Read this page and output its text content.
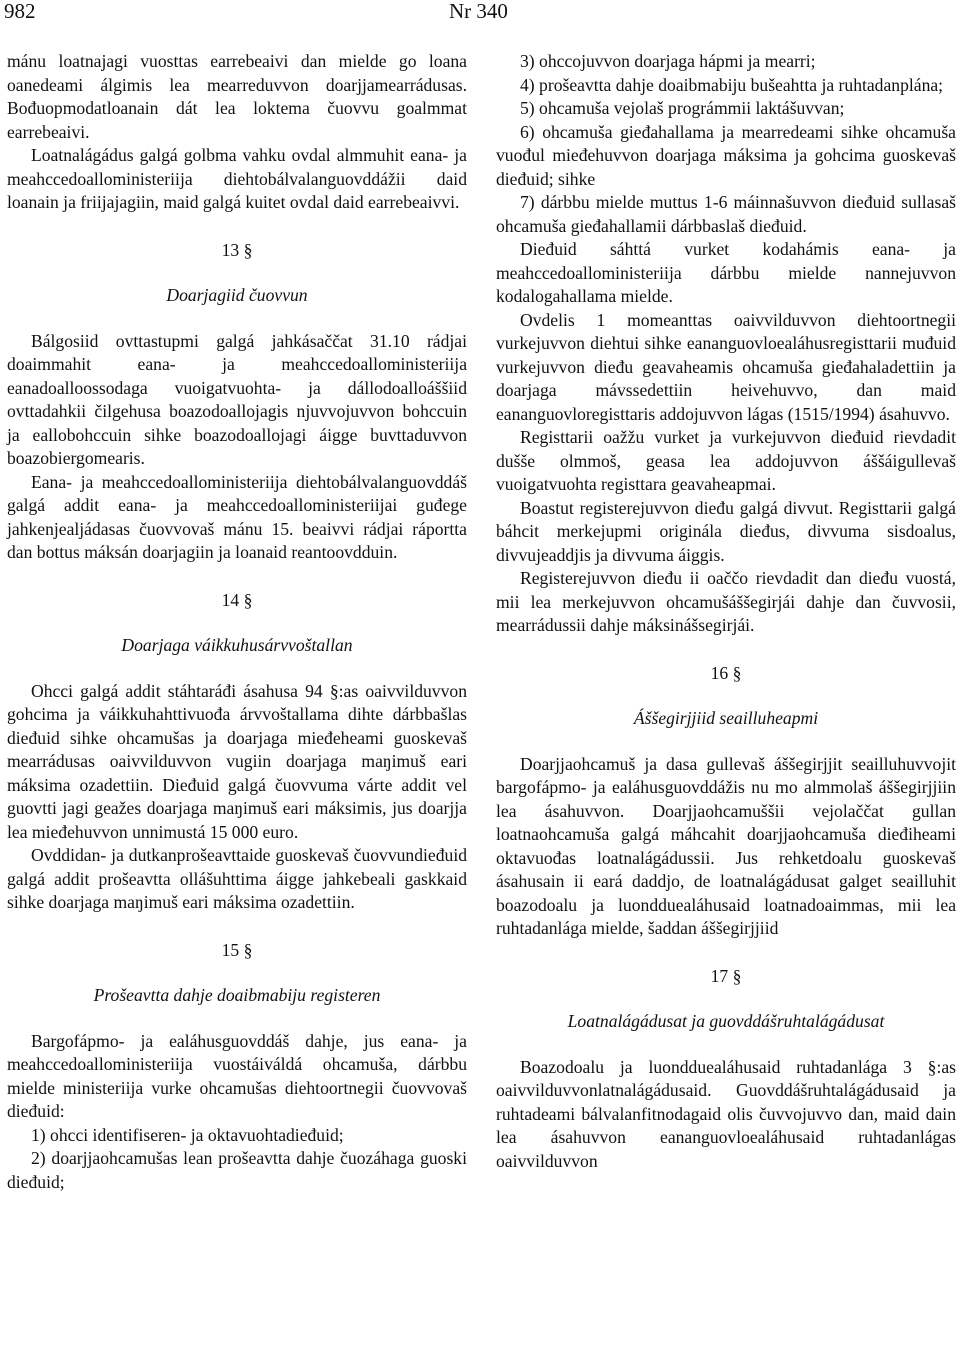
982	Nr 340

mánu loatnajagi vuosttas earrebeaivi dan mielde go loana oanedeami álgimis lea mearreduvvon doarjjamearrádusas. Bođuopmodatloanain dát lea loktema čuovvu goalmmat earrebeaivi.

Loatnalágádus galgá golbma vahku ovdal almmuhit eana- ja meahccedoalloministeriija diehtobálvalanguovddážii daid loanain ja friijajagiin, maid galgá kuitet ovdal daid earrebeaivvi.

13 §

Doarjagiid čuovvun

Bálgosiid ovttastupmi galgá jahkásaččat 31.10 rádjai doaimmahit eana- ja meahccedoalloministeriija eanadoalloossodaga vuoigatvuohta- ja dállodoalloáššiid ovttadahkii čilgehusa boazodoallojagis njuvvojuvvon bohccuin ja eallobohccuin sihke boazodoallojagi áigge buvttaduvvon boazobiergomearis.

Eana- ja meahccedoalloministeriija diehtobálvalanguovddáš galgá addit eana- ja meahccedoalloministeriijai guđege jahkenjealjádasas čuovvovaš mánu 15. beaivvi rádjai ráportta dan bottus máksán doarjagiin ja loanaid reantoovdduin.

14 §

Doarjaga váikkuhusárvvoštallan

Ohcci galgá addit stáhtaráđi ásahusa 94 §:as oaivvilduvvon gohcima ja váikkuhahttivuođa árvvoštallama dihte dárbbašlas dieđuid sihke ohcamušas ja doarjaga mieđeheami guoskevaš mearrádusas oaivvilduvvon vugiin doarjaga maŋimuš eari máksima ozadettiin. Dieđuid galgá čuovvuma várte addit vel guovtti jagi geažes doarjaga maŋimuš eari máksimis, jus doarjja lea mieđehuvvon unnimustá 15 000 euro.

Ovddidan- ja dutkanprošeavttaide guoskevaš čuovvundieđuid galgá addit prošeavtta ollášuhttima áigge jahkebeali gaskkaid sihke doarjaga maŋimuš eari máksima ozadettiin.

15 §

Prošeavtta dahje doaibmabiju registeren

Bargofápmo- ja ealáhusguovddáš dahje, jus eana- ja meahccedoalloministeriija vuostáiváldá ohcamuša, dárbbu mielde ministeriija vurke ohcamušas diehtoortnegii čuovvovaš dieđuid:

1) ohcci identifiseren- ja oktavuohtadieđuid;

2) doarjjaohcamušas lean prošeavtta dahje čuozáhaga guoski dieđuid;

3) ohccojuvvon doarjaga hápmi ja mearri;

4) prošeavtta dahje doaibmabiju bušeahtta ja ruhtadanplána;

5) ohcamuša vejolaš prográmmii laktášuvvan;

6) ohcamuša gieđahallama ja mearredeami sihke ohcamuša vuođul mieđehuvvon doarjaga máksima ja gohcima guoskevaš dieđuid; sihke

7) dárbbu mielde muttus 1-6 máinnašuvvon dieđuid sullasaš ohcamuša gieđahallamii dárbbaslaš dieđuid.

Dieđuid sáhttá vurket kodahámis eana- ja meahccedoalloministeriija dárbbu mielde nannejuvvon kodalogahallama mielde.

Ovdelis 1 momeanttas oaivvilduvvon diehtoortnegii vurkejuvvon diehtui sihke eananguovloealáhusregisttarii muđuid vurkejuvvon dieđu geavaheamis ohcamuša gieđahaladettiin ja doarjaga mávssedettiin heivehuvvo, dan maid eananguovloregisttaris addojuvvon lágas (1515/1994) ásahuvvo.

Registtarii oažžu vurket ja vurkejuvvon dieđuid rievdadit dušše olmmoš, geasa lea addojuvvon áššáigullevaš vuoigatvuohta registtara geavaheapmai.

Boastut registerejuvvon dieđu galgá divvut. Registtarii galgá báhcit merkejupmi originála dieđus, divvuma sisdoalus, divvujeaddjis ja divvuma áiggis.

Registerejuvvon dieđu ii oaččo rievdadit dan dieđu vuostá, mii lea merkejuvvon ohcamušáššegirjái dahje dan čuvvosii, mearrádussii dahje máksinášsegirjái.

16 §

Áššegirjjiid seailluheapmi

Doarjjaohcamuš ja dasa gullevaš áššegirjjit seailluhuvvojit bargofápmo- ja ealáhusguovddážis nu mo almmolaš áššegirjjiin lea ásahuvvon. Doarjjaohcamuššii vejolaččat gullan loatnaohcamuša galgá máhcahit doarjjaohcamuša dieđiheami oktavuođas loatnalágádussii. Jus rehketdoalu guoskevaš ásahusain ii eará daddjo, de loatnalágádusat galget seailluhit boazodoalu ja luondduealáhusaid loatnadoaimmas, mii lea ruhtadanlága mielde, šaddan áššegirjjiid

17 §

Loatnalágádusat ja guovddášruhtalágádusat

Boazodoalu ja luondduealáhusaid ruhtadanlága 3 §:as oaivvilduvvonlatnalágádusaid. Guovddášruhtalágádusaid ja ruhtadeami bálvalanfitnodagaid olis čuvvojuvvo dan, maid dain lea ásahuvvon eananguovloealáhusaid ruhtadanlágas oaivvilduvvon
